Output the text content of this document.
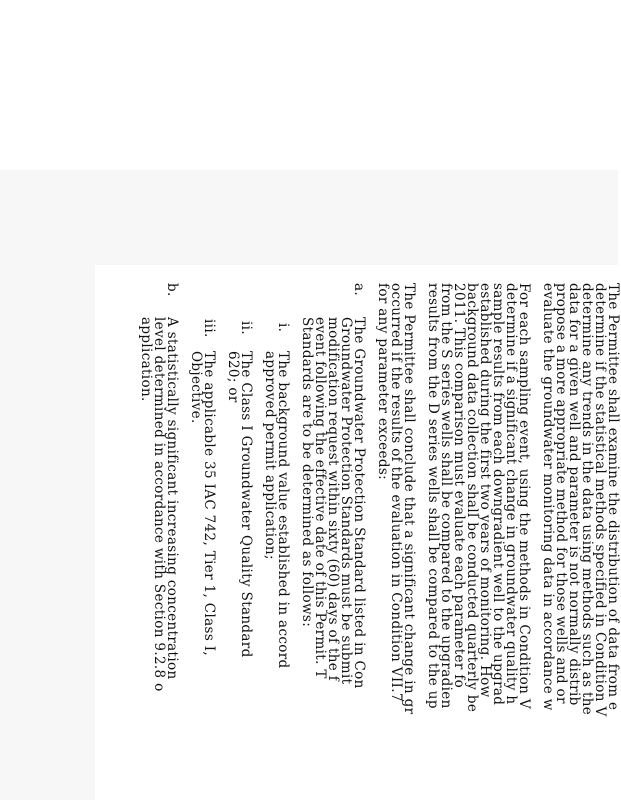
The Permittee shall examine the distribution of data from e
determine if the statistical methods specified in Condition V
determine any trends in the data using methods such as the
data for a given well and parameter is not normally distrib
propose a more appropriate method for those wells and or
evaluate the groundwater monitoring data in accordance w
For each sampling event, using the methods in Condition V
determine if a significant change in groundwater quality h
sample results from each downgradient well to the upgrad
established during the first two years of monitoring. How
background data collection shall be conducted quarterly be
2011. This comparison must evaluate each parameter fo
from the S series wells shall be compared to the upgradien
results from the D series wells shall be compared to the up
The Permittee shall conclude that a significant change in gr
occurred if the results of the evaluation in Condition VII.7
for any parameter exceeds:
a.
The Groundwater Protection Standard listed in Con
Groundwater Protection Standards must be submit
modification request within sixty (60) days of the f
event following the effective date of this Permit. T
Standards are to be determined as follows:
i.
The background value established in accord
approved permit application;
ii.
The Class I Groundwater Quality Standard
620; or
iii.
The applicable 35 IAC 742, Tier 1, Class I,
Objective.
b.
A statistically significant increasing concentration
level determined in accordance with Section 9.2.8 o
application.
